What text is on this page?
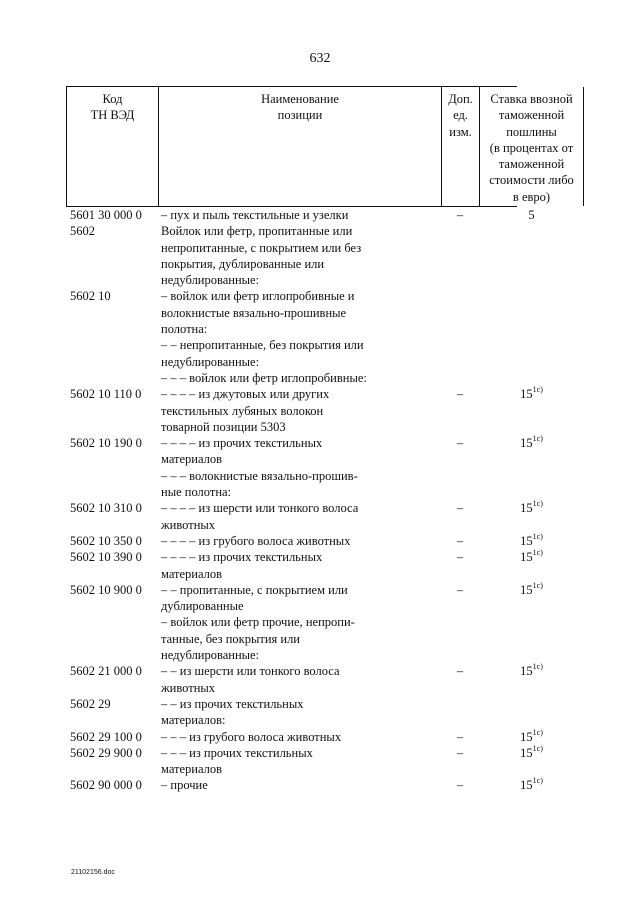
632
Код
ТН ВЭД
Наименование
позиции
Доп.
ед.
изм.
Ставка ввозной
таможенной
пошлины
(в процентах от
таможенной
стоимости либо
в евро)
5601 30 000 0	– пух и пыль текстильные и узелки	–	5
5602	Войлок или фетр, пропитанные или
непропитанные, с покрытием или без
покрытия, дублированные или
недублированные:
5602 10	– войлок или фетр иглопробивные и
волокнистые вязально-прошивные
полотна:
– – непропитанные, без покрытия или
недублированные:
– – – войлок или фетр иглопробивные:
5602 10 110 0	– – – – из джутовых или других
текстильных лубяных волокон
товарной позиции 5303
–	$15^{1c)}$
5602 10 190 0	– – – – из прочих текстильных
материалов
–	$15^{1c)}$
– – – волокнистые вязально-прошив-
ные полотна:
5602 10 310 0	– – – – из шерсти или тонкого волоса
животных
–	$15^{1c)}$
5602 10 350 0	– – – – из грубого волоса животных	–	$15^{1c)}$
5602 10 390 0	– – – – из прочих текстильных
материалов
–	$15^{1c)}$
5602 10 900 0	– – пропитанные, с покрытием или
дублированные
–	$15^{1c)}$
– войлок или фетр прочие, непропи-
танные, без покрытия или
недублированные:
5602 21 000 0	– – из шерсти или тонкого волоса
животных
–	$15^{1c)}$
5602 29	– – из прочих текстильных
материалов:
5602 29 100 0	– – – из грубого волоса животных	–	$15^{1c)}$
5602 29 900 0	– – – из прочих текстильных
материалов
–	$15^{1c)}$
5602 90 000 0	– прочие	–	$15^{1c)}$
21102156.doc
